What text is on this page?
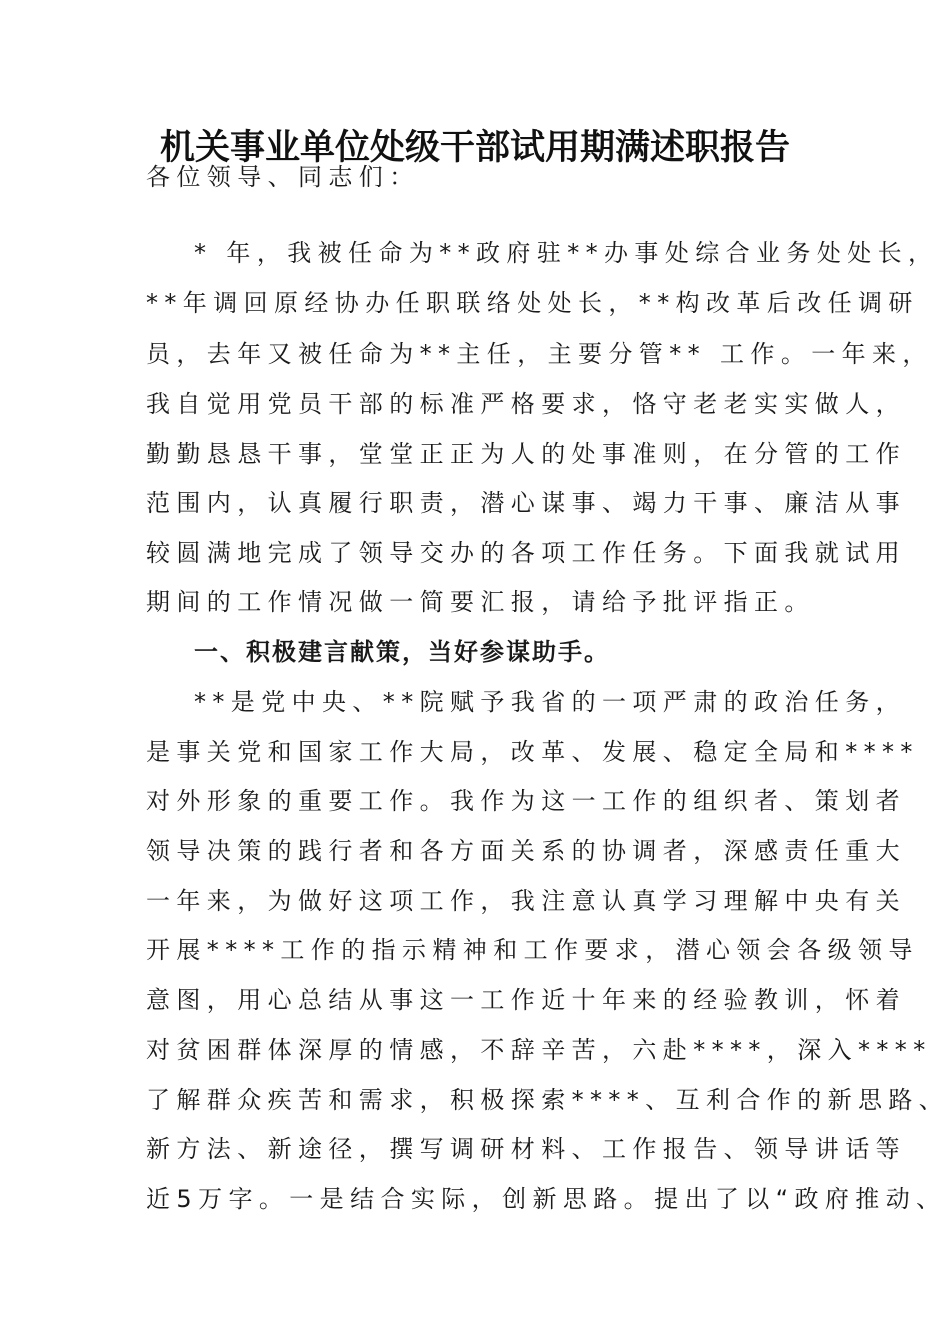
机关事业单位处级干部试用期满述职报告
各位领导、同志们：
* 年，我被任命为**政府驻**办事处综合业务处处长，
**年调回原经协办任职联络处处长，**构改革后改任调研
员，去年又被任命为**主任，主要分管** 工作。一年来，
我自觉用党员干部的标准严格要求，恪守老老实实做人，
勤勤恳恳干事，堂堂正正为人的处事准则，在分管的工作
范围内，认真履行职责，潜心谋事、竭力干事、廉洁从事
较圆满地完成了领导交办的各项工作任务。下面我就试用
期间的工作情况做一简要汇报，请给予批评指正。
一、积极建言献策，当好参谋助手。
**是党中央、**院赋予我省的一项严肃的政治任务，
是事关党和国家工作大局，改革、发展、稳定全局和****
对外形象的重要工作。我作为这一工作的组织者、策划者
领导决策的践行者和各方面关系的协调者，深感责任重大
一年来，为做好这项工作，我注意认真学习理解中央有关
开展****工作的指示精神和工作要求，潜心领会各级领导
意图，用心总结从事这一工作近十年来的经验教训，怀着
对贫困群体深厚的情感，不辞辛苦，六赴****，深入****
了解群众疾苦和需求，积极探索****、互利合作的新思路、
新方法、新途径，撰写调研材料、工作报告、领导讲话等
近5万字。一是结合实际，创新思路。提出了以“政府推动、
